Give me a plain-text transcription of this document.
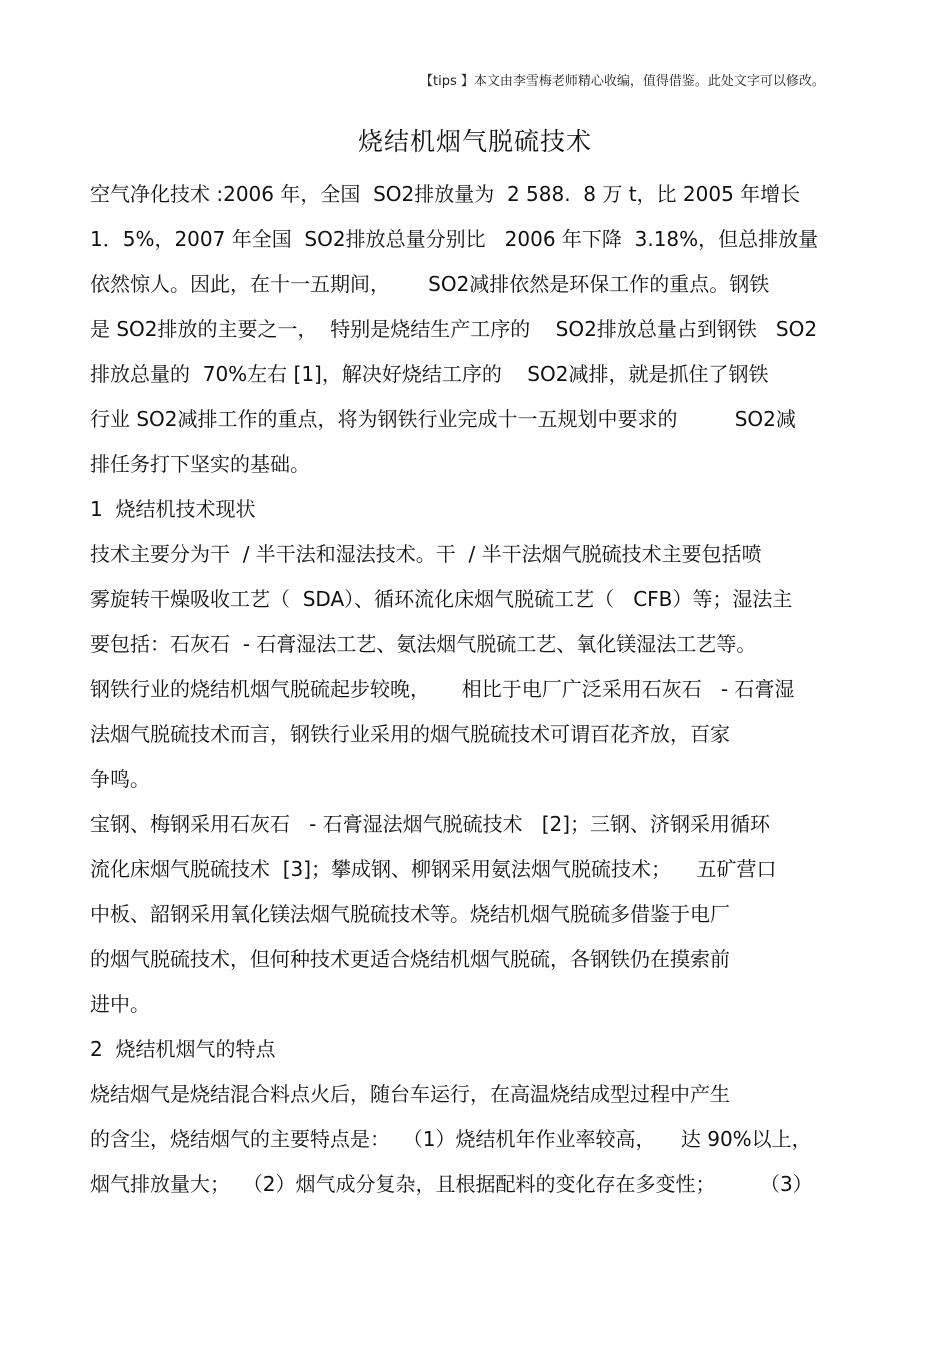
【tips 】本文由李雪梅老师精心收编，值得借鉴。此处文字可以修改。
烧结机烟气脱硫技术
空气净化技术 :2006 年，全国  SO2排放量为  2 588.  8 万 t，比 2005 年增长
1．5%，2007 年全国  SO2排放总量分别比   2006 年下降  3.18%，但总排放量
依然惊人。因此，在十一五期间，      SO2减排依然是环保工作的重点。钢铁
是 SO2排放的主要之一，  特别是烧结生产工序的    SO2排放总量占到钢铁   SO2
排放总量的  70%左右 [1]，解决好烧结工序的    SO2减排，就是抓住了钢铁
行业 SO2减排工作的重点，将为钢铁行业完成十一五规划中要求的         SO2减
排任务打下坚实的基础。
1  烧结机技术现状
技术主要分为干  / 半干法和湿法技术。干  / 半干法烟气脱硫技术主要包括喷
雾旋转干燥吸收工艺（  SDA）、循环流化床烟气脱硫工艺（   CFB）等；湿法主
要包括：石灰石  - 石膏湿法工艺、氨法烟气脱硫工艺、氧化镁湿法工艺等。
钢铁行业的烧结机烟气脱硫起步较晚，     相比于电厂广泛采用石灰石   - 石膏湿
法烟气脱硫技术而言，钢铁行业采用的烟气脱硫技术可谓百花齐放，百家
争鸣。
宝钢、梅钢采用石灰石   - 石膏湿法烟气脱硫技术   [2]；三钢、济钢采用循环
流化床烟气脱硫技术  [3]；攀成钢、柳钢采用氨法烟气脱硫技术；    五矿营口
中板、韶钢采用氧化镁法烟气脱硫技术等。烧结机烟气脱硫多借鉴于电厂
的烟气脱硫技术，但何种技术更适合烧结机烟气脱硫，各钢铁仍在摸索前
进中。
2  烧结机烟气的特点
烧结烟气是烧结混合料点火后，随台车运行，在高温烧结成型过程中产生
的含尘，烧结烟气的主要特点是：  （1）烧结机年作业率较高，    达 90%以上，
烟气排放量大；  （2）烟气成分复杂，且根据配料的变化存在多变性；       （3）
